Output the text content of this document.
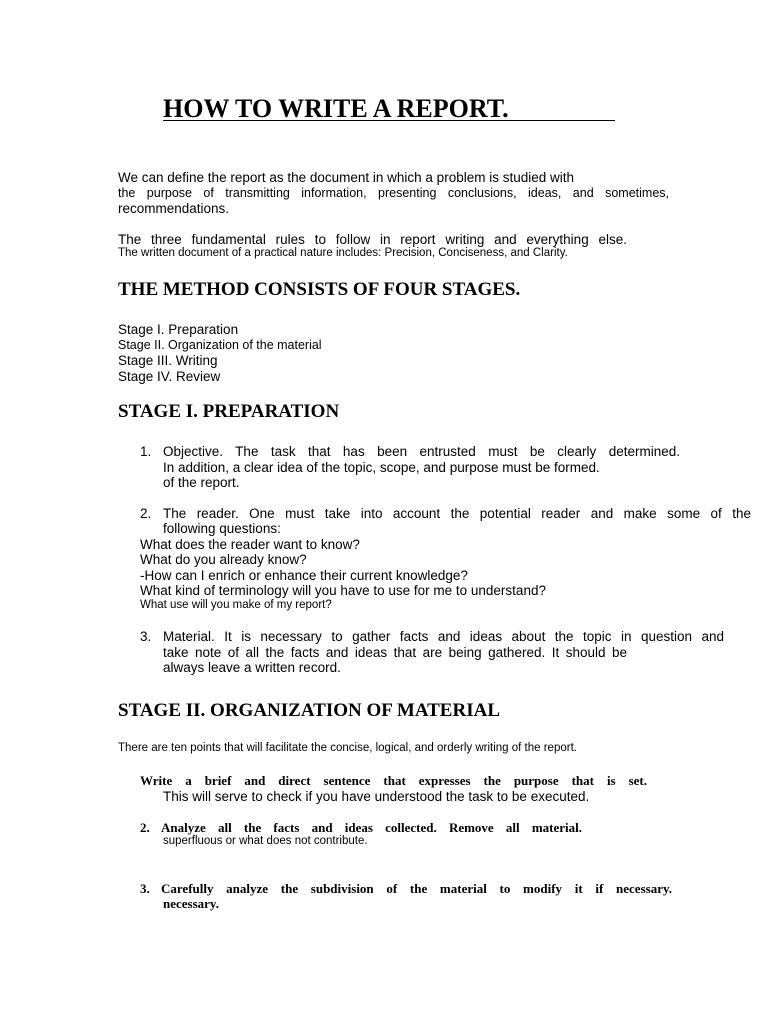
HOW TO WRITE A REPORT.
We can define the report as the document in which a problem is studied with
the purpose of transmitting information, presenting conclusions, ideas, and sometimes,
recommendations.
The three fundamental rules to follow in report writing and everything else.
The written document of a practical nature includes: Precision, Conciseness, and Clarity.
THE METHOD CONSISTS OF FOUR STAGES.
Stage I. Preparation
Stage II. Organization of the material
Stage III. Writing
Stage IV. Review
STAGE I. PREPARATION
1. Objective. The task that has been entrusted must be clearly determined.
In addition, a clear idea of the topic, scope, and purpose must be formed.
of the report.
2. The reader. One must take into account the potential reader and make some of the
following questions:
What does the reader want to know?
What do you already know?
-How can I enrich or enhance their current knowledge?
What kind of terminology will you have to use for me to understand?
What use will you make of my report?
3. Material. It is necessary to gather facts and ideas about the topic in question and
take note of all the facts and ideas that are being gathered. It should be
always leave a written record.
STAGE II. ORGANIZATION OF MATERIAL
There are ten points that will facilitate the concise, logical, and orderly writing of the report.
Write a brief and direct sentence that expresses the purpose that is set.
This will serve to check if you have understood the task to be executed.
2. Analyze all the facts and ideas collected. Remove all material.
superfluous or what does not contribute.
3. Carefully analyze the subdivision of the material to modify it if necessary.
necessary.
